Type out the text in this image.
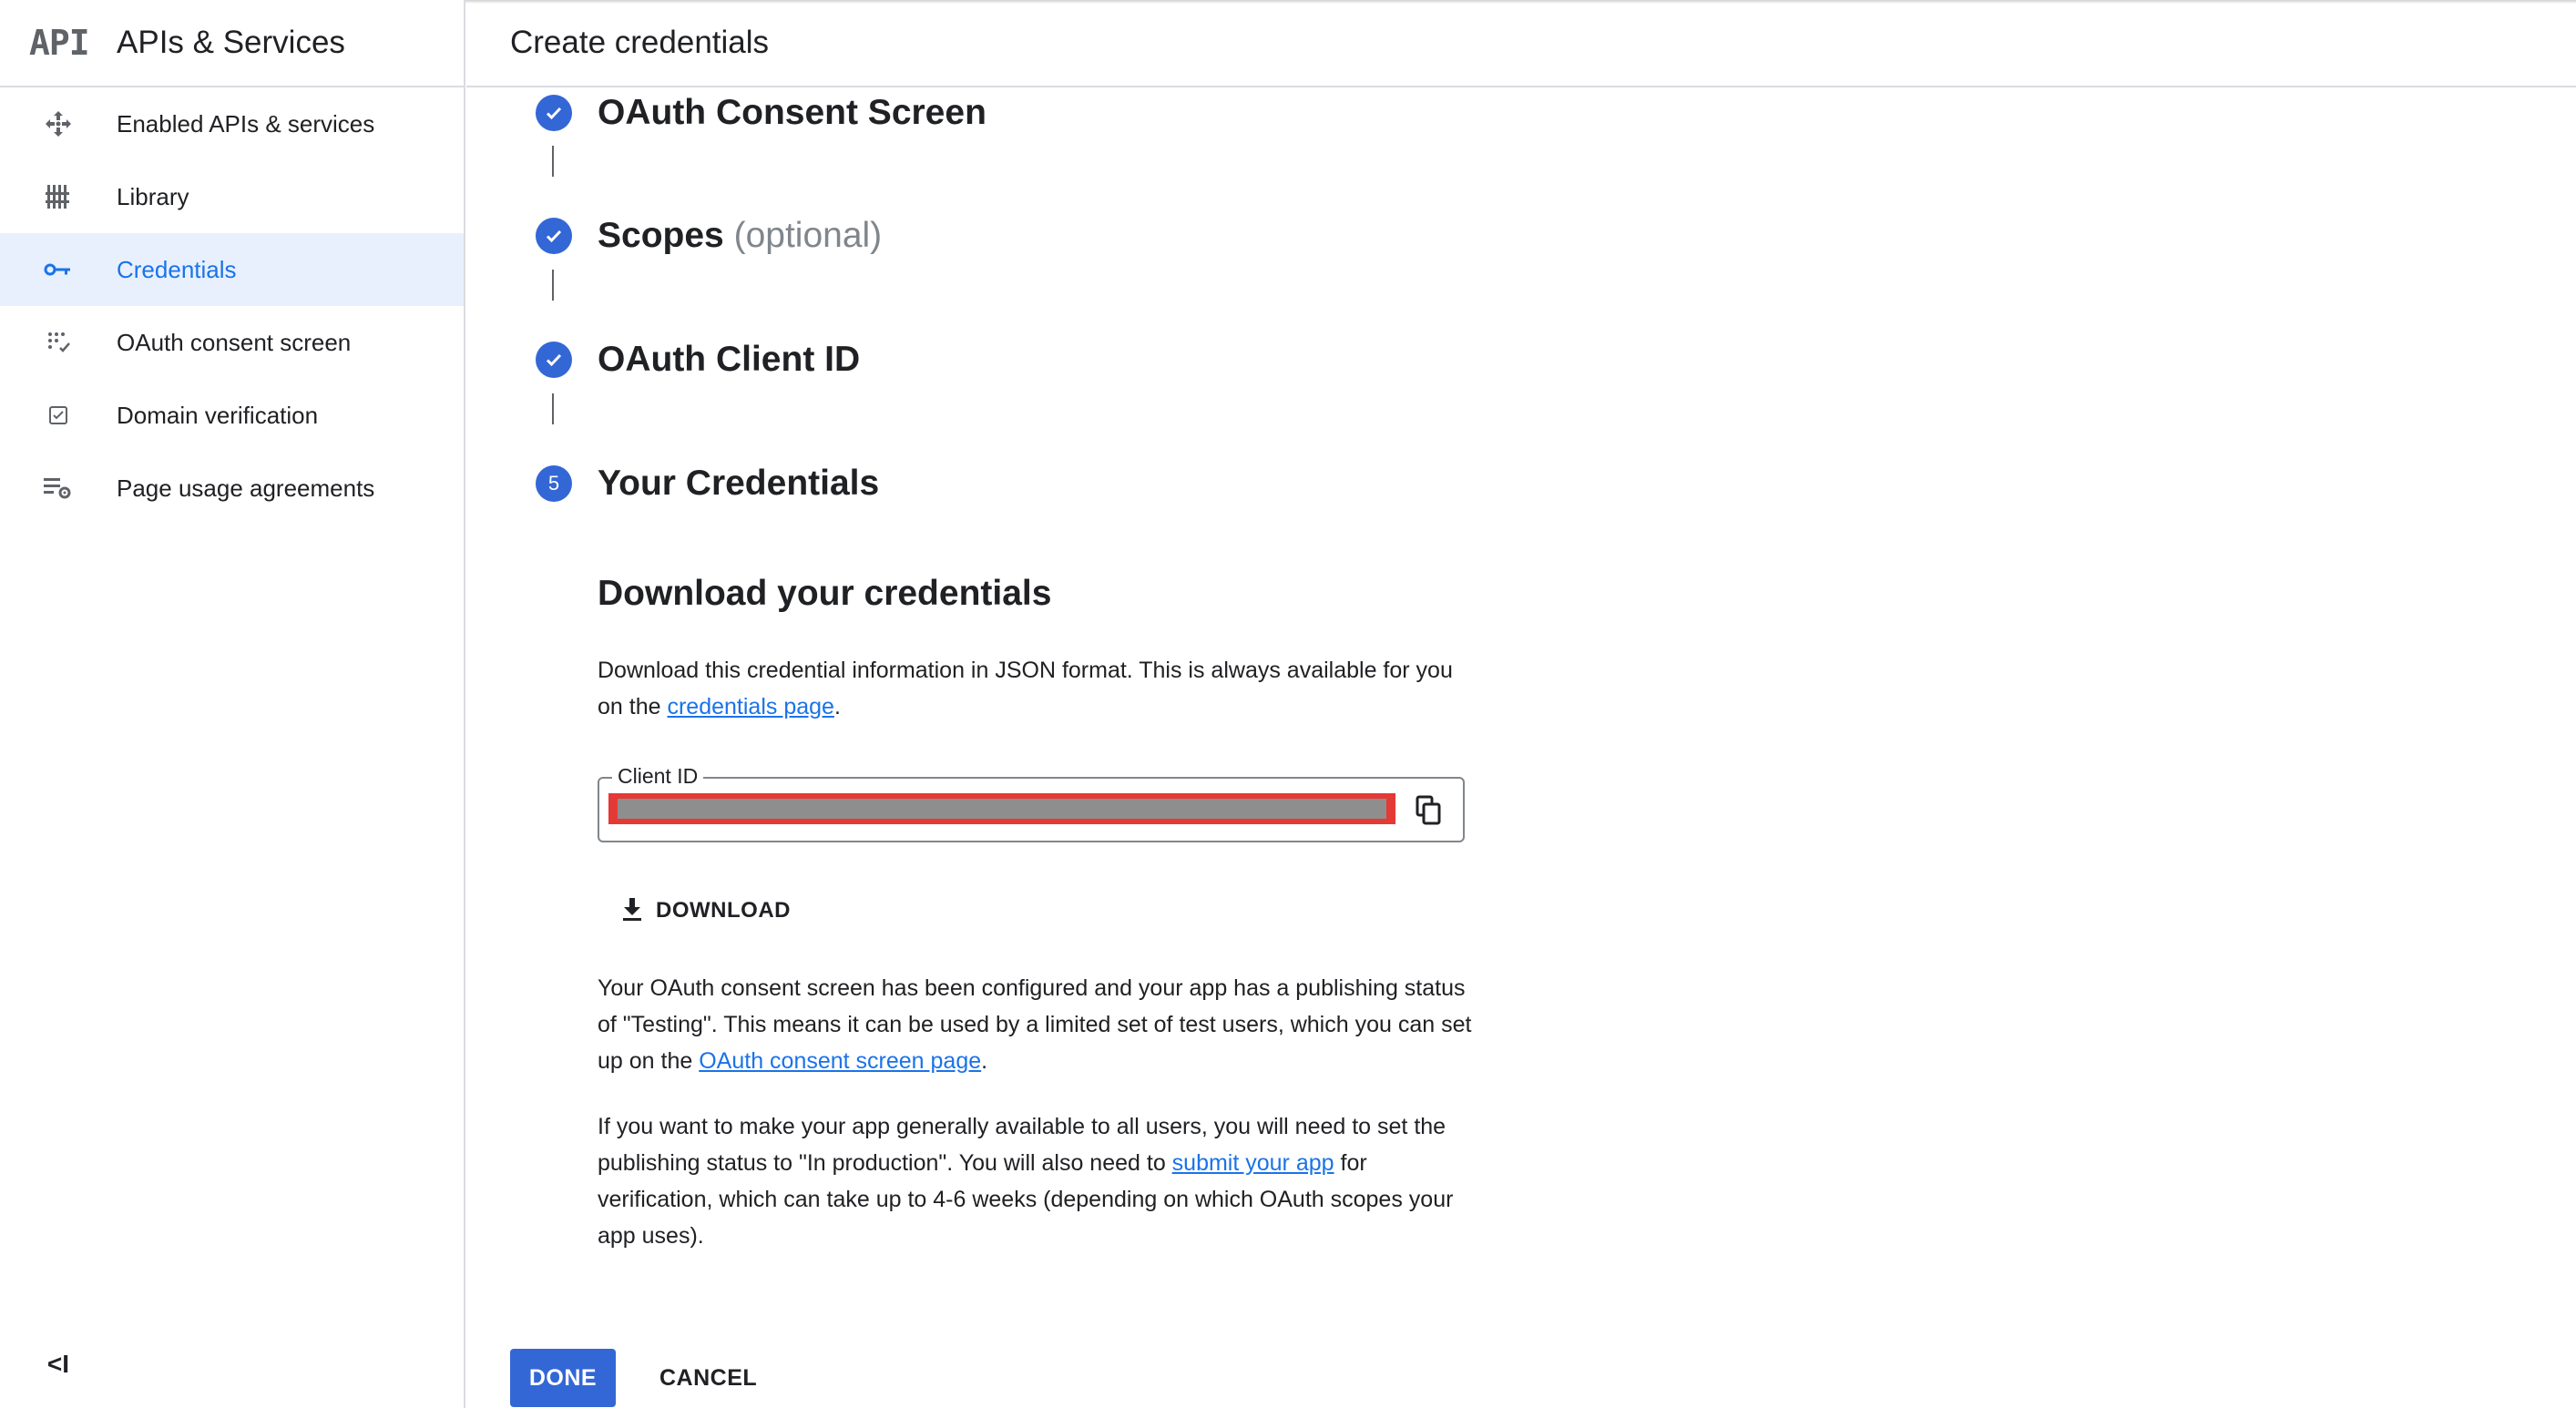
API APIs & Services
Enabled APIs & services
Library
Credentials
OAuth consent screen
Domain verification
Page usage agreements
<I
Create credentials
OAuth Consent Screen
Scopes (optional)
OAuth Client ID
5	Your Credentials
Download your credentials

Download this credential information in JSON format. This is always available for you on the credentials page.

Client ID
DOWNLOAD

Your OAuth consent screen has been configured and your app has a publishing status of "Testing". This means it can be used by a limited set of test users, which you can set up on the OAuth consent screen page.

If you want to make your app generally available to all users, you will need to set the publishing status to "In production". You will also need to submit your app for verification, which can take up to 4-6 weeks (depending on which OAuth scopes your app uses).

DONE	CANCEL
